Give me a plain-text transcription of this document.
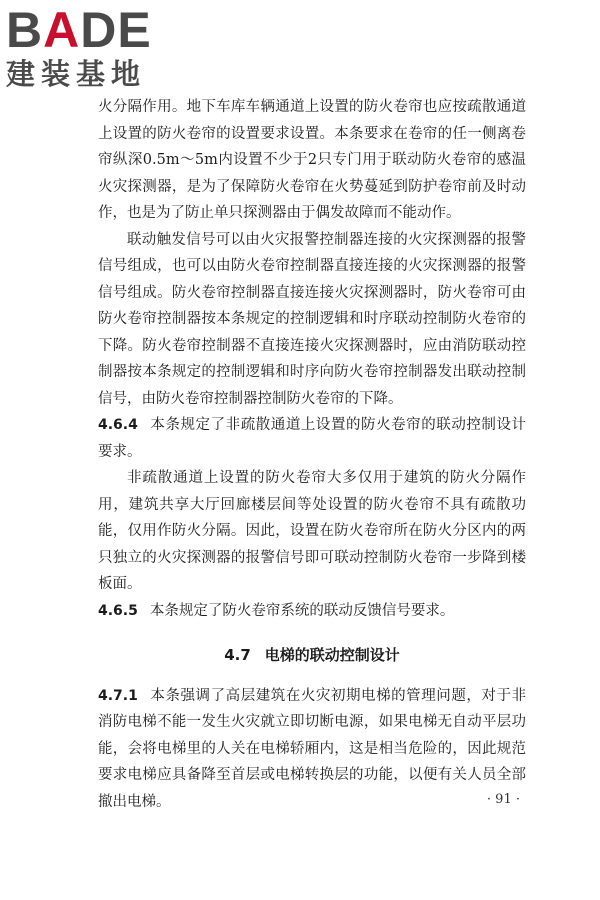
BADE
建装基地

火分隔作用。地下车库车辆通道上设置的防火卷帘也应按疏散通道上设置的防火卷帘的设置要求设置。本条要求在卷帘的任一侧离卷帘纵深0.5m～5m内设置不少于2只专门用于联动防火卷帘的感温火灾探测器，是为了保障防火卷帘在火势蔓延到防护卷帘前及时动作，也是为了防止单只探测器由于偶发故障而不能动作。

联动触发信号可以由火灾报警控制器连接的火灾探测器的报警信号组成，也可以由防火卷帘控制器直接连接的火灾探测器的报警信号组成。防火卷帘控制器直接连接火灾探测器时，防火卷帘可由防火卷帘控制器按本条规定的控制逻辑和时序联动控制防火卷帘的下降。防火卷帘控制器不直接连接火灾探测器时，应由消防联动控制器按本条规定的控制逻辑和时序向防火卷帘控制器发出联动控制信号，由防火卷帘控制器控制防火卷帘的下降。

4.6.4 本条规定了非疏散通道上设置的防火卷帘的联动控制设计要求。

非疏散通道上设置的防火卷帘大多仅用于建筑的防火分隔作用，建筑共享大厅回廊楼层间等处设置的防火卷帘不具有疏散功能，仅用作防火分隔。因此，设置在防火卷帘所在防火分区内的两只独立的火灾探测器的报警信号即可联动控制防火卷帘一步降到楼板面。

4.6.5 本条规定了防火卷帘系统的联动反馈信号要求。

4.7 电梯的联动控制设计

4.7.1 本条强调了高层建筑在火灾初期电梯的管理问题，对于非消防电梯不能一发生火灾就立即切断电源，如果电梯无自动平层功能，会将电梯里的人关在电梯轿厢内，这是相当危险的，因此规范要求电梯应具备降至首层或电梯转换层的功能，以便有关人员全部撤出电梯。	· 91 ·
